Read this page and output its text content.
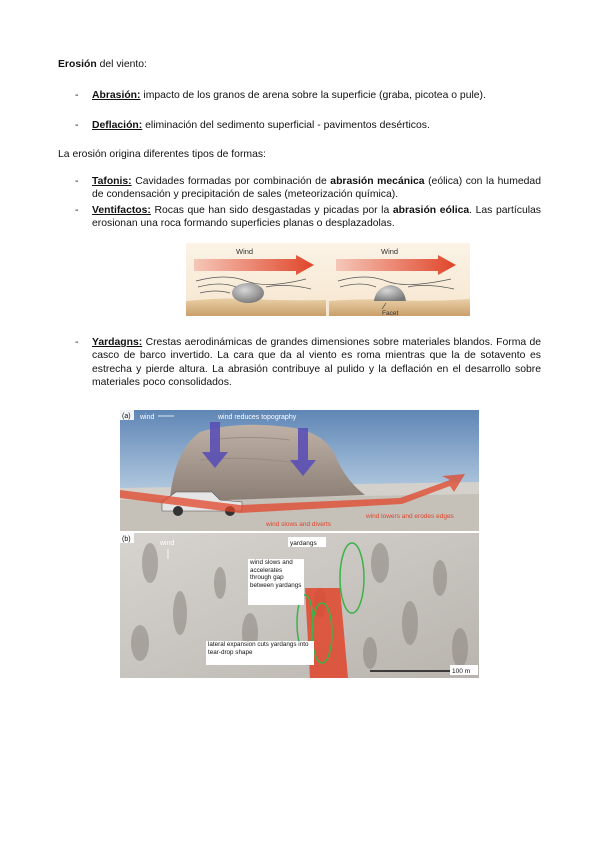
Erosión del viento:
- Abrasión: impacto de los granos de arena sobre la superficie (graba, picotea o pule).
- Deflación: eliminación del sedimento superficial - pavimentos desérticos.
La erosión origina diferentes tipos de formas:
- Tafonis: Cavidades formadas por combinación de abrasión mecánica (eólica) con la humedad de condensación y precipitación de sales (meteorización química).
- Ventifactos: Rocas que han sido desgastadas y picadas por la abrasión eólica. Las partículas erosionan una roca formando superficies planas o desplazadolas.
Wind	Wind
Facet
- Yardagns: Crestas aerodinámicas de grandes dimensiones sobre materiales blandos. Forma de casco de barco invertido. La cara que da al viento es roma mientras que la de sotavento es estrecha y pierde altura. La abrasión contribuye al pulido y la deflación en el desarrollo sobre materiales poco consolidados.
(a) wind	wind reduces topography
wind slows and diverts
wind lowers and erodes edges
(b)
wind	yardangs
wind slows and accelerates through gap between yardangs
lateral expansion cuts yardangs into tear-drop shape
100 m
